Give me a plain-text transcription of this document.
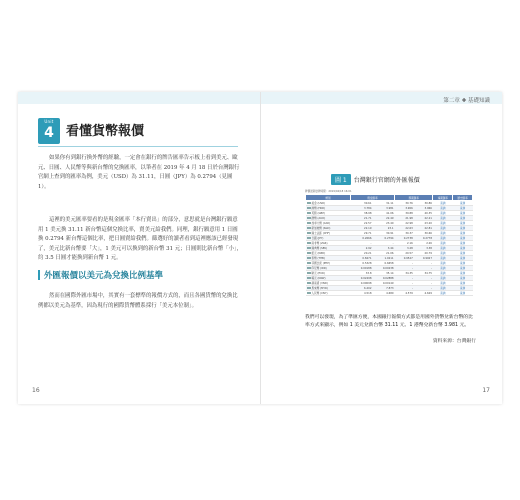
Unit
4 看懂貨幣報價

如果你有到銀行換外幣的經驗，一定會在銀行的牌告匯率告示板上看到美元、歐元、日圓、人民幣等與新台幣的兌換匯率，以筆者在 2019 年 4 月 18 日於台灣銀行官網上查到的匯率為例，美元（USD）為 31.11，日圓（JPY）為 0.2794（見圖 1）。

這裡的美元匯率要看的是現金匯率「本行賣出」的部分，意思就是台灣銀行願意用 1 美元換 31.11 新台幣這個兌換比率，賣美元給我們。同理，銀行願意用 1 日圓換 0.2794 新台幣這個比率，把日圓賣給我們。篩選好的讀者看到這裡應該已經發現了，美元比新台幣要「大」，1 美元可以換到的新台幣 31 元；日圓則比新台幣「小」，約 3.5 日圓才能換到新台幣 1 元。

外匯報價以美元為兌換比例基準

然而在國際外匯市場中，其實有一套標準的報價方式的，而且各國貨幣的兌換比例都以美元為基準，因為現行的國際貨幣體系採行「美元本位制」。

16
第二章 ✚ 基礎知識
圖 1	台灣銀行官網的外匯報價
牌價最新掛牌時間：2019/04/18 16:01
幣別	現金匯率		即期匯率		遠期匯率	歷史匯率
美金 (USD)	30.61	31.11	30.76	30.86	查詢	查詢
港幣 (HKD)	3.784	3.981	3.906	3.966	查詢	查詢
英鎊 (GBP)	38.98	41.06	39.88	40.35	查詢	查詢
澳幣 (AUD)	21.71	22.49	21.98	22.21	查詢	查詢
加拿大幣 (CAD)	22.57	23.40	22.98	23.20	查詢	查詢
新加坡幣 (SGD)	22.19	23.1	22.63	22.81	查詢	查詢
瑞士法郎 (CHF)	29.71	30.91	30.37	30.66	查詢	查詢
日圓 (JPY)	0.2666	0.2794	0.2738	0.2778	查詢	查詢
南非幣 (ZAR)	-	-	2.16	2.26	查詢	查詢
瑞典幣 (SEK)	2.92	3.44	3.28	3.38	查詢	查詢
紐元 (NZD)	20.21	21.06	20.57	20.79	查詢	查詢
泰幣 (THB)	0.8471	1.0211	0.9527	0.9927	查詢	查詢
菲國比索 (PHP)	0.5328	0.6658	-	-	查詢	查詢
印尼幣 (IDR)	0.00188	0.00238	-	-	查詢	查詢
歐元 (EUR)	33.8	35.14	34.35	34.75	查詢	查詢
韓元 (KRW)	0.02498	0.02888	-	-	查詢	查詢
越南盾 (VND)	0.00098	0.00149	-	-	查詢	查詢
馬來幣 (MYR)	6.202	7.873	-	-	查詢	查詢
人民幣 (CNY)	4.518	4.680	4.579	4.629	查詢	查詢
我們可以發現，為了準匯方便，本國銀行報價方式都是用國外貨幣兌新台幣的比率方式來顯示，例如 1 美元兌新台幣 31.11 元、1 港幣兌新台幣 3.981 元。
資料來源：台灣銀行
17
